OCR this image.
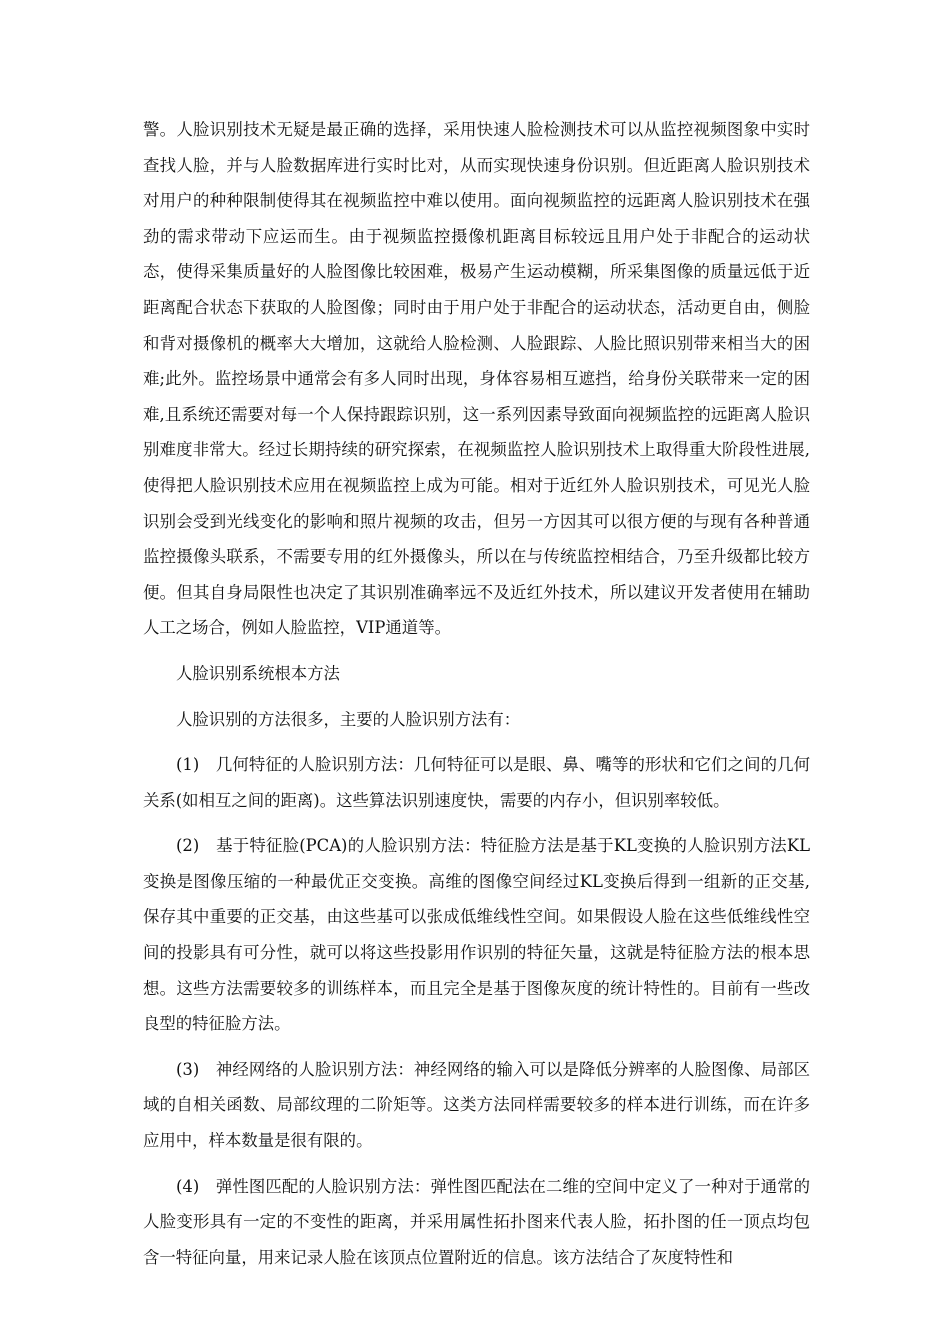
警。人脸识别技术无疑是最正确的选择，采用快速人脸检测技术可以从监控视频图象中实时查找人脸，并与人脸数据库进行实时比对，从而实现快速身份识别。但近距离人脸识别技术对用户的种种限制使得其在视频监控中难以使用。面向视频监控的远距离人脸识别技术在强劲的需求带动下应运而生。由于视频监控摄像机距离目标较远且用户处于非配合的运动状态，使得采集质量好的人脸图像比较困难，极易产生运动模糊，所采集图像的质量远低于近距离配合状态下获取的人脸图像；同时由于用户处于非配合的运动状态，活动更自由，侧脸和背对摄像机的概率大大增加，这就给人脸检测、人脸跟踪、人脸比照识别带来相当大的困难;此外。监控场景中通常会有多人同时出现，身体容易相互遮挡，给身份关联带来一定的困难,且系统还需要对每一个人保持跟踪识别，这一系列因素导致面向视频监控的远距离人脸识别难度非常大。经过长期持续的研究探索，在视频监控人脸识别技术上取得重大阶段性进展,使得把人脸识别技术应用在视频监控上成为可能。相对于近红外人脸识别技术，可见光人脸识别会受到光线变化的影响和照片视频的攻击，但另一方因其可以很方便的与现有各种普通监控摄像头联系，不需要专用的红外摄像头，所以在与传统监控相结合，乃至升级都比较方便。但其自身局限性也决定了其识别准确率远不及近红外技术，所以建议开发者使用在辅助人工之场合，例如人脸监控，VIP通道等。

人脸识别系统根本方法

人脸识别的方法很多，主要的人脸识别方法有：

(1)　几何特征的人脸识别方法：几何特征可以是眼、鼻、嘴等的形状和它们之间的几何关系(如相互之间的距离)。这些算法识别速度快，需要的内存小，但识别率较低。

(2)　基于特征脸(PCA)的人脸识别方法：特征脸方法是基于KL变换的人脸识别方法KL变换是图像压缩的一种最优正交变换。高维的图像空间经过KL变换后得到一组新的正交基,保存其中重要的正交基，由这些基可以张成低维线性空间。如果假设人脸在这些低维线性空间的投影具有可分性，就可以将这些投影用作识别的特征矢量，这就是特征脸方法的根本思想。这些方法需要较多的训练样本，而且完全是基于图像灰度的统计特性的。目前有一些改良型的特征脸方法。

(3)　神经网络的人脸识别方法：神经网络的输入可以是降低分辨率的人脸图像、局部区域的自相关函数、局部纹理的二阶矩等。这类方法同样需要较多的样本进行训练，而在许多应用中，样本数量是很有限的。

(4)　弹性图匹配的人脸识别方法：弹性图匹配法在二维的空间中定义了一种对于通常的人脸变形具有一定的不变性的距离，并采用属性拓扑图来代表人脸，拓扑图的任一顶点均包含一特征向量，用来记录人脸在该顶点位置附近的信息。该方法结合了灰度特性和
